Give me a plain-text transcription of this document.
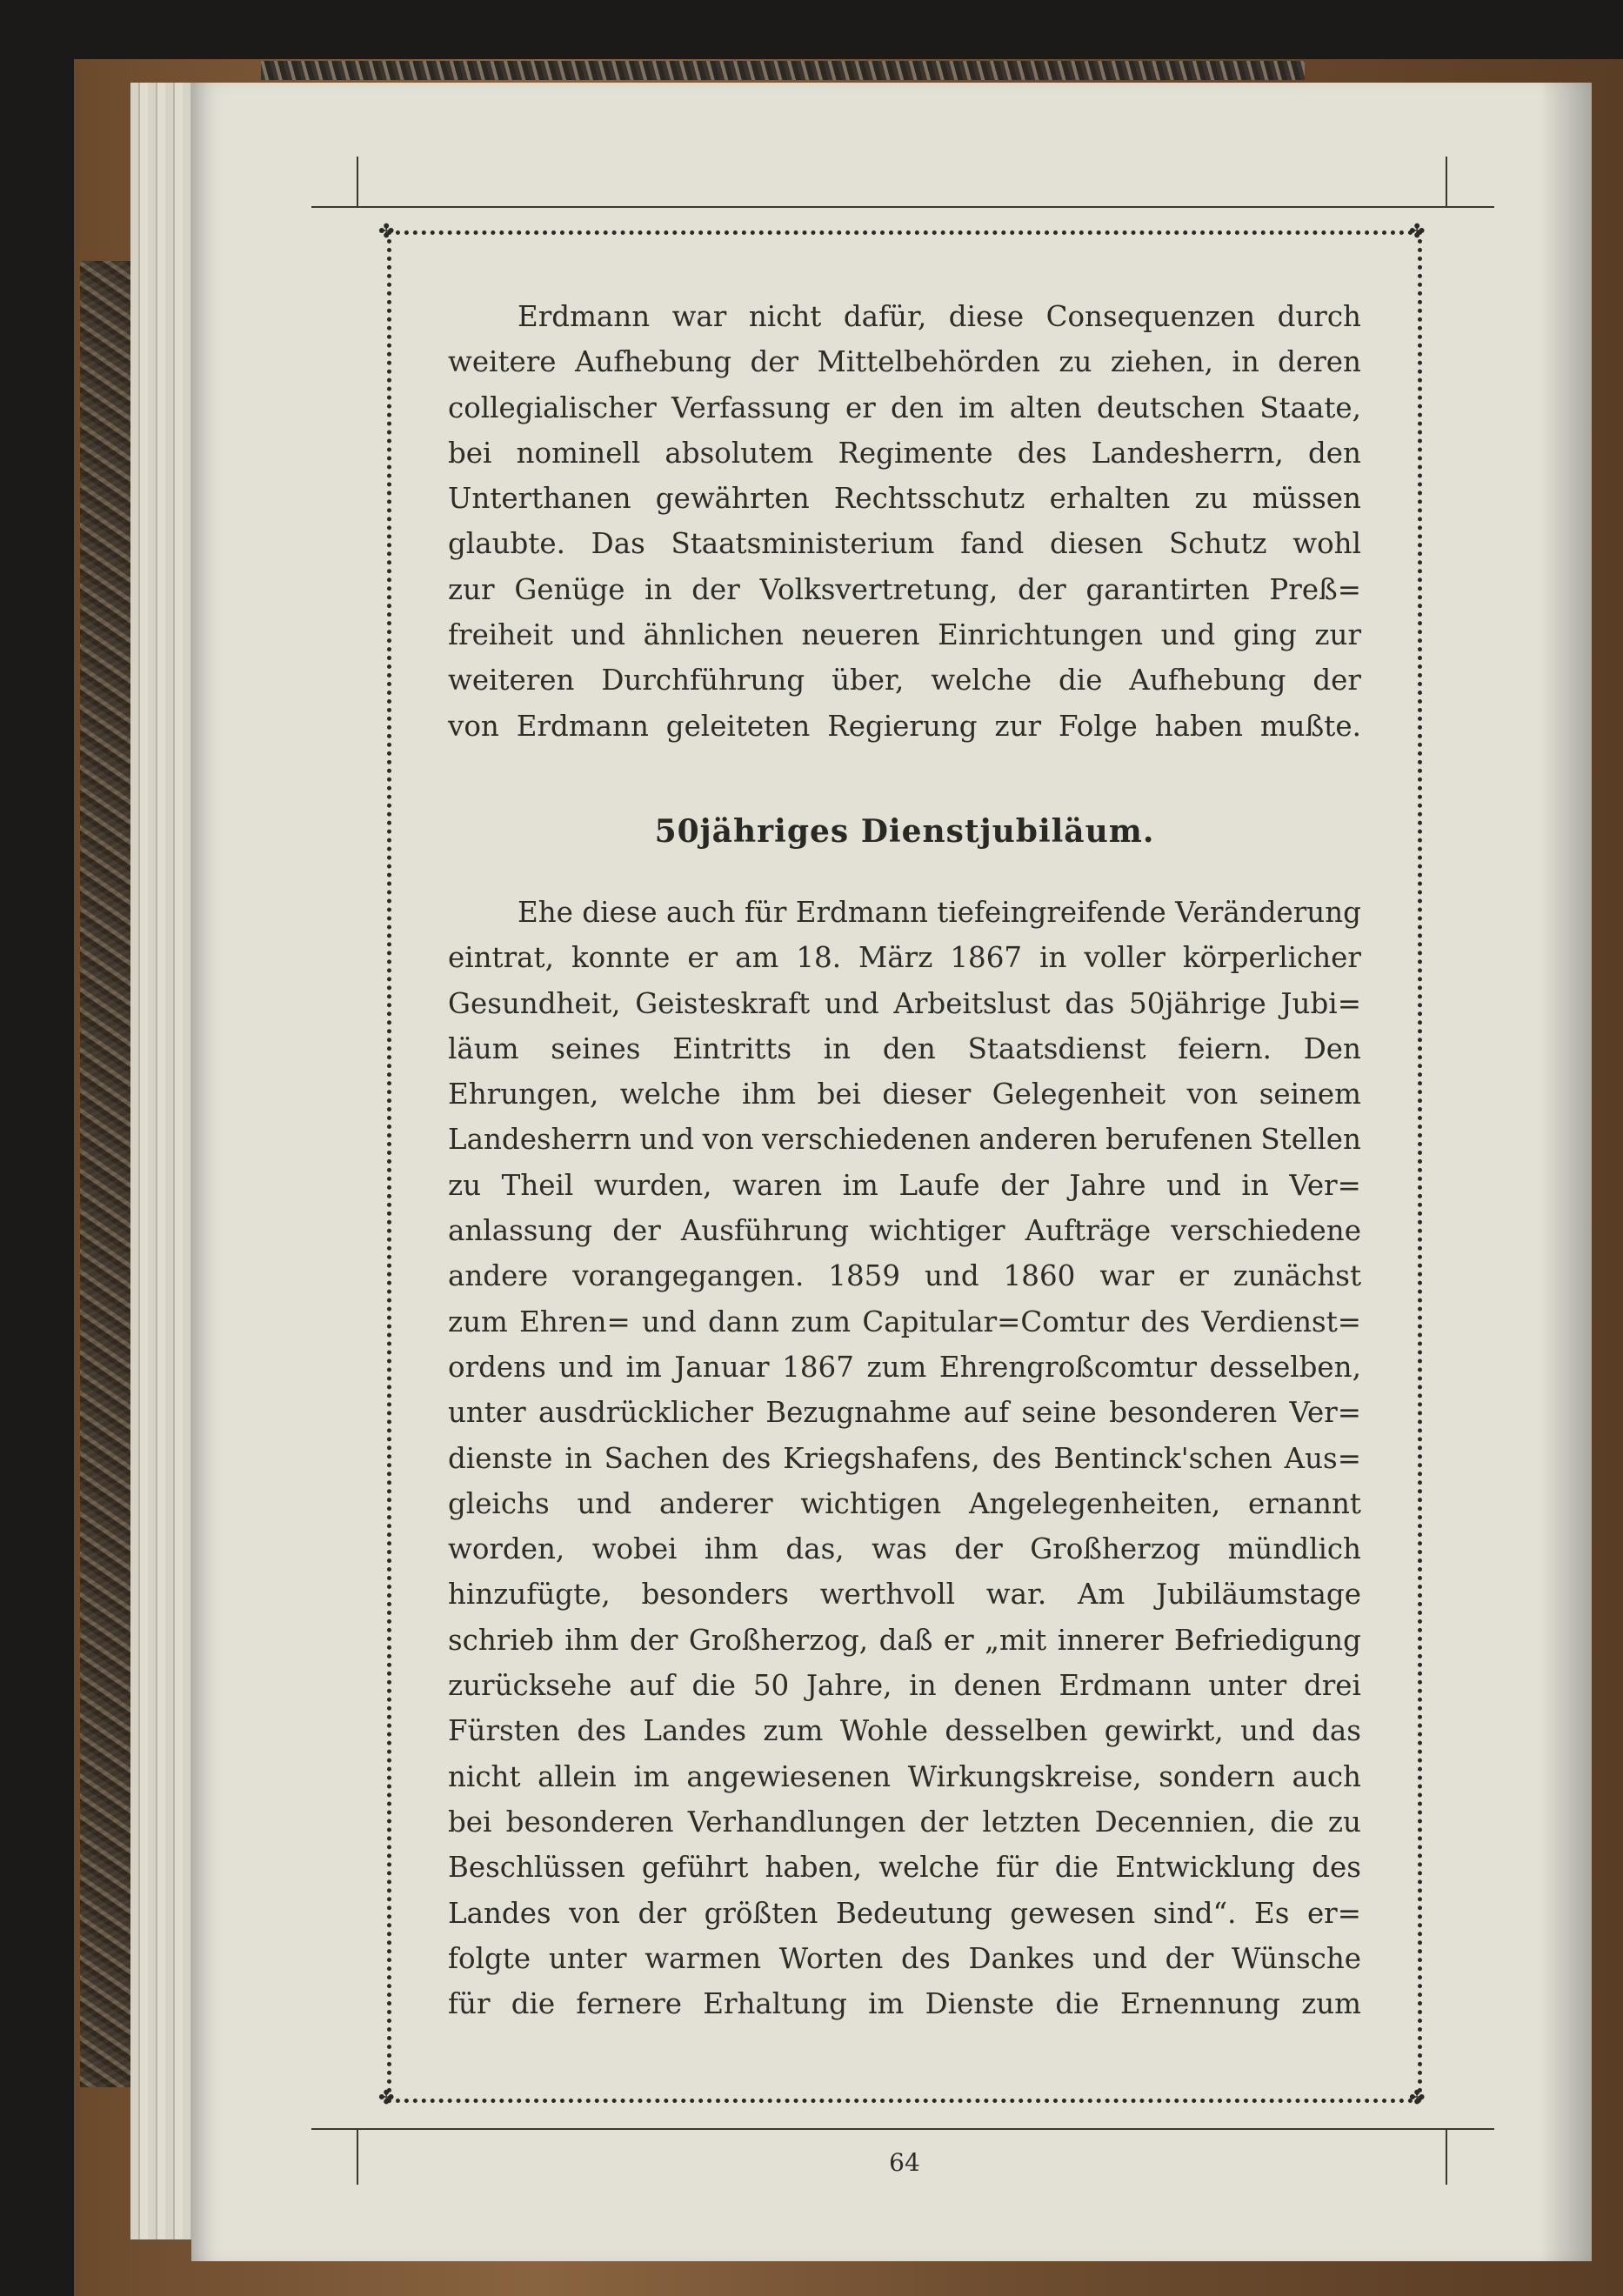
✤	✤
✤	✤
Erdmann war nicht dafür, diese Consequenzen durch
weitere Aufhebung der Mittelbehörden zu ziehen, in deren
collegialischer Verfassung er den im alten deutschen Staate,
bei nominell absolutem Regimente des Landesherrn, den
Unterthanen gewährten Rechtsschutz erhalten zu müssen
glaubte. Das Staatsministerium fand diesen Schutz wohl
zur Genüge in der Volksvertretung, der garantirten Preß=
freiheit und ähnlichen neueren Einrichtungen und ging zur
weiteren Durchführung über, welche die Aufhebung der
von Erdmann geleiteten Regierung zur Folge haben mußte.
50jähriges Dienstjubiläum.
Ehe diese auch für Erdmann tiefeingreifende Veränderung
eintrat, konnte er am 18. März 1867 in voller körperlicher
Gesundheit, Geisteskraft und Arbeitslust das 50jährige Jubi=
läum seines Eintritts in den Staatsdienst feiern. Den
Ehrungen, welche ihm bei dieser Gelegenheit von seinem
Landesherrn und von verschiedenen anderen berufenen Stellen
zu Theil wurden, waren im Laufe der Jahre und in Ver=
anlassung der Ausführung wichtiger Aufträge verschiedene
andere vorangegangen. 1859 und 1860 war er zunächst
zum Ehren= und dann zum Capitular=Comtur des Verdienst=
ordens und im Januar 1867 zum Ehrengroßcomtur desselben,
unter ausdrücklicher Bezugnahme auf seine besonderen Ver=
dienste in Sachen des Kriegshafens, des Bentinck'schen Aus=
gleichs und anderer wichtigen Angelegenheiten, ernannt
worden, wobei ihm das, was der Großherzog mündlich
hinzufügte, besonders werthvoll war. Am Jubiläumstage
schrieb ihm der Großherzog, daß er „mit innerer Befriedigung
zurücksehe auf die 50 Jahre, in denen Erdmann unter drei
Fürsten des Landes zum Wohle desselben gewirkt, und das
nicht allein im angewiesenen Wirkungskreise, sondern auch
bei besonderen Verhandlungen der letzten Decennien, die zu
Beschlüssen geführt haben, welche für die Entwicklung des
Landes von der größten Bedeutung gewesen sind“. Es er=
folgte unter warmen Worten des Dankes und der Wünsche
für die fernere Erhaltung im Dienste die Ernennung zum
64
